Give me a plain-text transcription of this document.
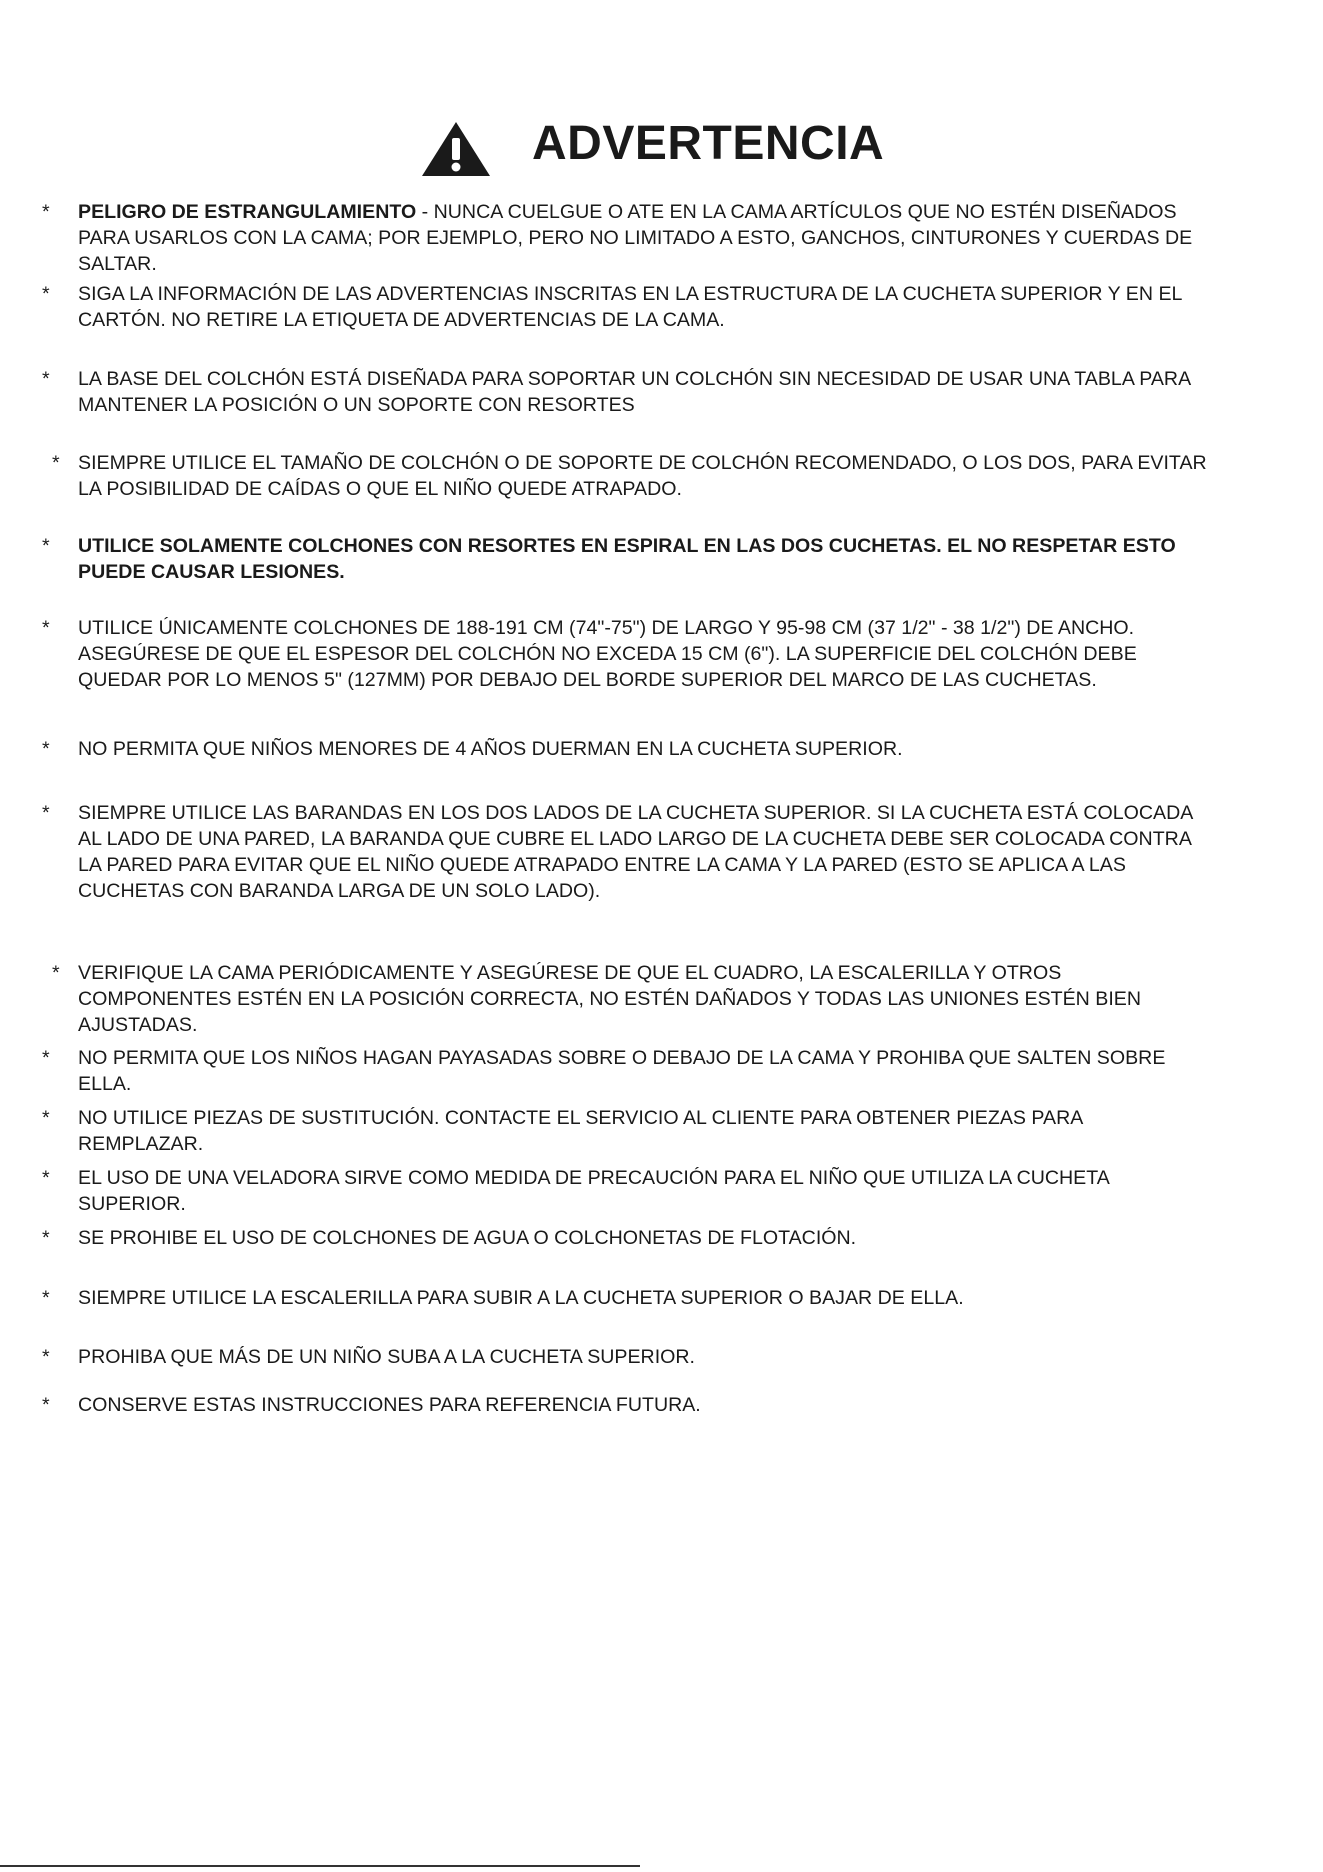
ADVERTENCIA
* PELIGRO DE ESTRANGULAMIENTO - NUNCA CUELGUE O ATE EN LA CAMA ARTÍCULOS QUE NO ESTÉN DISEÑADOS
PARA USARLOS CON LA CAMA; POR EJEMPLO, PERO NO LIMITADO A ESTO, GANCHOS, CINTURONES Y CUERDAS DE
SALTAR.
* SIGA LA INFORMACIÓN DE LAS ADVERTENCIAS INSCRITAS EN LA ESTRUCTURA DE LA CUCHETA SUPERIOR Y EN EL
CARTÓN. NO RETIRE LA ETIQUETA DE ADVERTENCIAS DE LA CAMA.
* LA BASE DEL COLCHÓN ESTÁ DISEÑADA PARA SOPORTAR UN COLCHÓN SIN NECESIDAD DE USAR UNA TABLA PARA
MANTENER LA POSICIÓN O UN SOPORTE CON RESORTES
* SIEMPRE UTILICE EL TAMAÑO DE COLCHÓN O DE SOPORTE DE COLCHÓN RECOMENDADO, O LOS DOS, PARA EVITAR
LA POSIBILIDAD DE CAÍDAS O QUE EL NIÑO QUEDE ATRAPADO.
* UTILICE SOLAMENTE COLCHONES CON RESORTES EN ESPIRAL EN LAS DOS CUCHETAS. EL NO RESPETAR ESTO
PUEDE CAUSAR LESIONES.
* UTILICE ÚNICAMENTE COLCHONES DE 188-191 CM (74"-75") DE LARGO Y 95-98 CM (37 1/2" - 38 1/2") DE ANCHO.
ASEGÚRESE DE QUE EL ESPESOR DEL COLCHÓN NO EXCEDA 15 CM (6"). LA SUPERFICIE DEL COLCHÓN DEBE
QUEDAR POR LO MENOS 5" (127MM) POR DEBAJO DEL BORDE SUPERIOR DEL MARCO DE LAS CUCHETAS.
* NO PERMITA QUE NIÑOS MENORES DE 4 AÑOS DUERMAN EN LA CUCHETA SUPERIOR.
* SIEMPRE UTILICE LAS BARANDAS EN LOS DOS LADOS DE LA CUCHETA SUPERIOR. SI LA CUCHETA ESTÁ COLOCADA
AL LADO DE UNA PARED, LA BARANDA QUE CUBRE EL LADO LARGO DE LA CUCHETA DEBE SER COLOCADA CONTRA
LA PARED PARA EVITAR QUE EL NIÑO QUEDE ATRAPADO ENTRE LA CAMA Y LA PARED (ESTO SE APLICA A LAS
CUCHETAS CON BARANDA LARGA DE UN SOLO LADO).
* VERIFIQUE LA CAMA PERIÓDICAMENTE Y ASEGÚRESE DE QUE EL CUADRO, LA ESCALERILLA Y OTROS
COMPONENTES ESTÉN EN LA POSICIÓN CORRECTA, NO ESTÉN DAÑADOS Y TODAS LAS UNIONES ESTÉN BIEN
AJUSTADAS.
* NO PERMITA QUE LOS NIÑOS HAGAN PAYASADAS SOBRE O DEBAJO DE LA CAMA Y PROHIBA QUE SALTEN SOBRE
ELLA.
* NO UTILICE PIEZAS DE SUSTITUCIÓN. CONTACTE EL SERVICIO AL CLIENTE PARA OBTENER PIEZAS PARA
REMPLAZAR.
* EL USO DE UNA VELADORA SIRVE COMO MEDIDA DE PRECAUCIÓN PARA EL NIÑO QUE UTILIZA LA CUCHETA
SUPERIOR.
* SE PROHIBE EL USO DE COLCHONES DE AGUA O COLCHONETAS DE FLOTACIÓN.
* SIEMPRE UTILICE LA ESCALERILLA PARA SUBIR A LA CUCHETA SUPERIOR O BAJAR DE ELLA.
* PROHIBA QUE MÁS DE UN NIÑO SUBA A LA CUCHETA SUPERIOR.
* CONSERVE ESTAS INSTRUCCIONES PARA REFERENCIA FUTURA.
